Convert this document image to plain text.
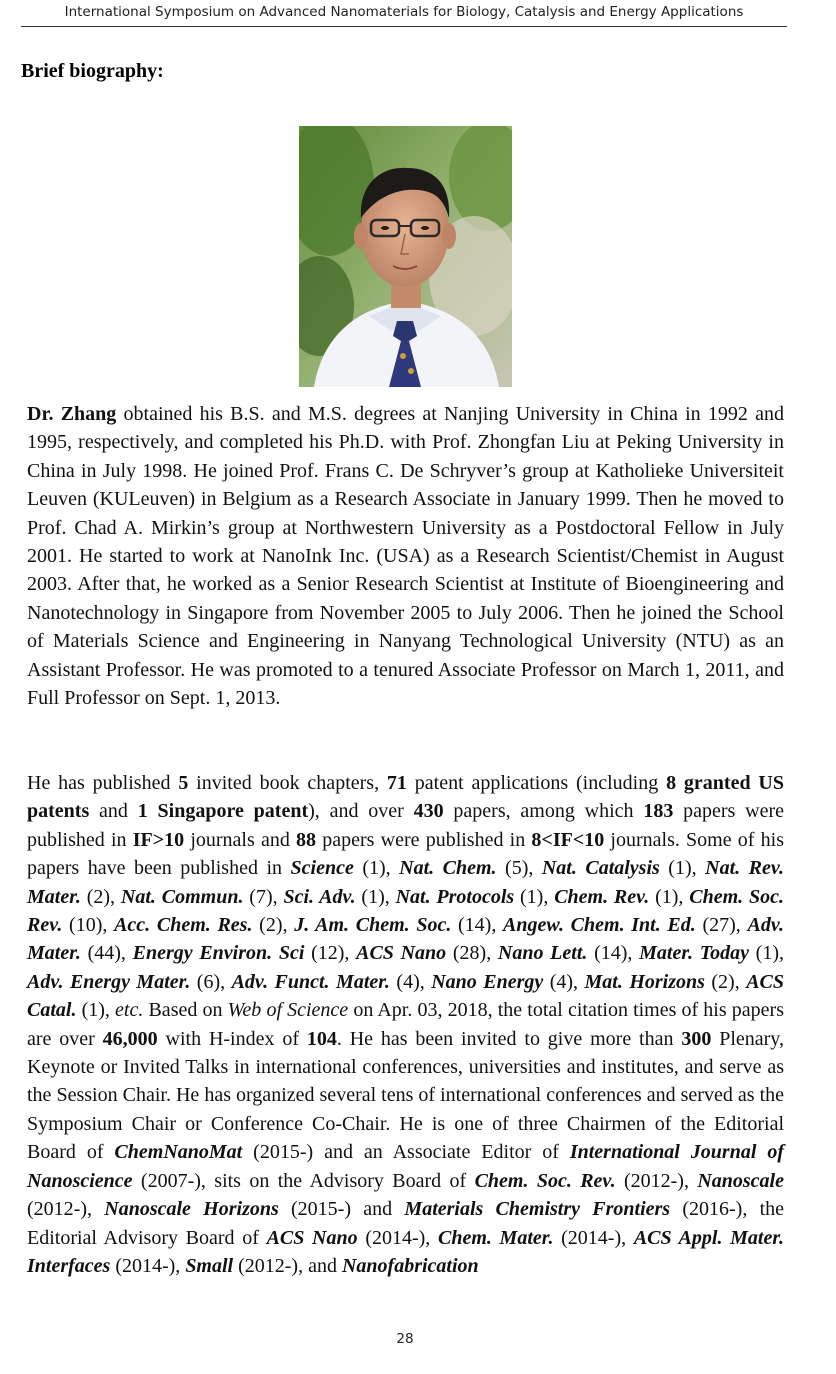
International Symposium on Advanced Nanomaterials for Biology, Catalysis and Energy Applications
Brief biography:

Dr. Zhang obtained his B.S. and M.S. degrees at Nanjing University in China in 1992 and 1995, respectively, and completed his Ph.D. with Prof. Zhongfan Liu at Peking University in China in July 1998. He joined Prof. Frans C. De Schryver’s group at Katholieke Universiteit Leuven (KULeuven) in Belgium as a Research Associate in January 1999. Then he moved to Prof. Chad A. Mirkin’s group at Northwestern University as a Postdoctoral Fellow in July 2001. He started to work at NanoInk Inc. (USA) as a Research Scientist/Chemist in August 2003. After that, he worked as a Senior Research Scientist at Institute of Bioengineering and Nanotechnology in Singapore from November 2005 to July 2006. Then he joined the School of Materials Science and Engineering in Nanyang Technological University (NTU) as an Assistant Professor. He was promoted to a tenured Associate Professor on March 1, 2011, and Full Professor on Sept. 1, 2013.

He has published 5 invited book chapters, 71 patent applications (including 8 granted US patents and 1 Singapore patent), and over 430 papers, among which 183 papers were published in IF>10 journals and 88 papers were published in 8<IF<10 journals. Some of his papers have been published in Science (1), Nat. Chem. (5), Nat. Catalysis (1), Nat. Rev. Mater. (2), Nat. Commun. (7), Sci. Adv. (1), Nat. Protocols (1), Chem. Rev. (1), Chem. Soc. Rev. (10), Acc. Chem. Res. (2), J. Am. Chem. Soc. (14), Angew. Chem. Int. Ed. (27), Adv. Mater. (44), Energy Environ. Sci (12), ACS Nano (28), Nano Lett. (14), Mater. Today (1), Adv. Energy Mater. (6), Adv. Funct. Mater. (4), Nano Energy (4), Mat. Horizons (2), ACS Catal. (1), etc. Based on Web of Science on Apr. 03, 2018, the total citation times of his papers are over 46,000 with H-index of 104. He has been invited to give more than 300 Plenary, Keynote or Invited Talks in international conferences, universities and institutes, and serve as the Session Chair. He has organized several tens of international conferences and served as the Symposium Chair or Conference Co-Chair. He is one of three Chairmen of the Editorial Board of ChemNanoMat (2015-) and an Associate Editor of International Journal of Nanoscience (2007-), sits on the Advisory Board of Chem. Soc. Rev. (2012-), Nanoscale (2012-), Nanoscale Horizons (2015-) and Materials Chemistry Frontiers (2016-), the Editorial Advisory Board of ACS Nano (2014-), Chem. Mater. (2014-), ACS Appl. Mater. Interfaces (2014-), Small (2012-), and Nanofabrication

28
